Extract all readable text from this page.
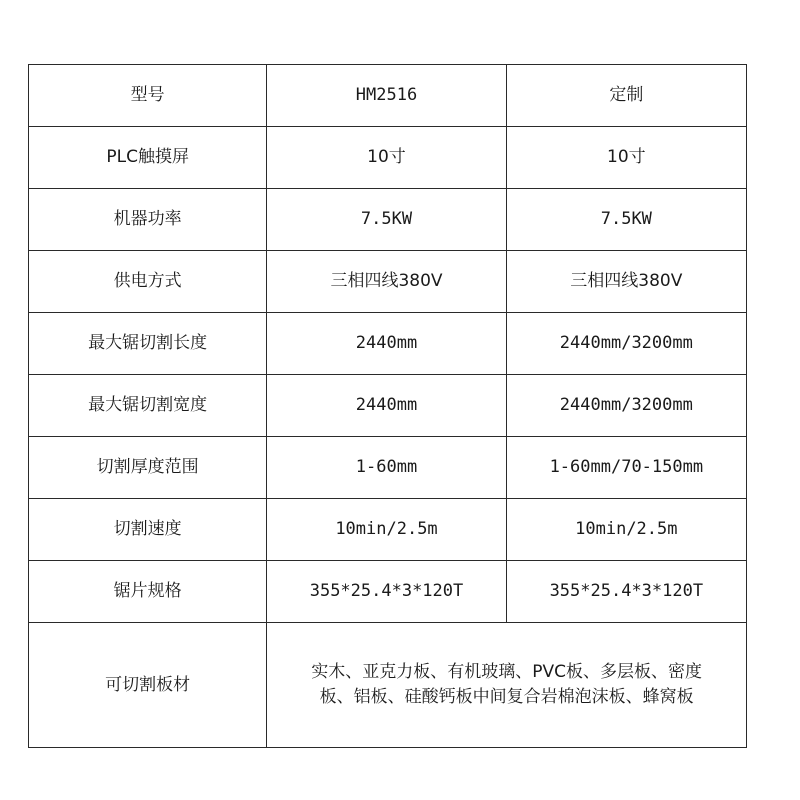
型号	HM2516	定制
PLC触摸屏	10寸	10寸
机器功率	7.5KW	7.5KW
供电方式	三相四线380V	三相四线380V
最大锯切割长度	2440mm	2440mm/3200mm
最大锯切割宽度	2440mm	2440mm/3200mm
切割厚度范围	1-60mm	1-60mm/70-150mm
切割速度	10min/2.5m	10min/2.5m
锯片规格	355*25.4*3*120T	355*25.4*3*120T
可切割板材	实木、亚克力板、有机玻璃、PVC板、多层板、密度
板、铝板、硅酸钙板中间复合岩棉泡沫板、蜂窝板	
